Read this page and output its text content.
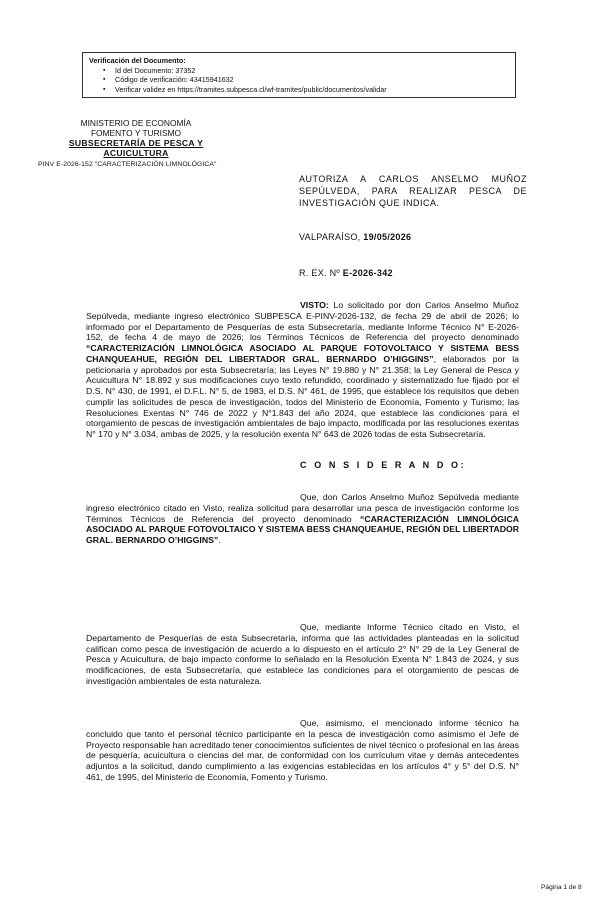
Verificación del Documento:
▪ Id del Documento: 37352
▪ Código de verificación: 43415941632
▪ Verificar validez en https://tramites.subpesca.cl/wf-tramites/public/documentos/validar
MINISTERIO DE ECONOMÍA
FOMENTO Y TURISMO
SUBSECRETARÍA DE PESCA Y
ACUICULTURA
PINV E-2026-152 "CARACTERIZACIÓN LIMNOLÓGICA"
AUTORIZA A CARLOS ANSELMO MUÑOZ SEPÚLVEDA, PARA REALIZAR PESCA DE INVESTIGACIÓN QUE INDICA.
VALPARAÍSO, 19/05/2026
R. EX. Nº E-2026-342
VISTO: Lo solicitado por don Carlos Anselmo Muñoz Sepúlveda, mediante ingreso electrónico SUBPESCA E-PINV-2026-132, de fecha 29 de abril de 2026; lo informado por el Departamento de Pesquerías de esta Subsecretaría, mediante Informe Técnico N° E-2026-152, de fecha 4 de mayo de 2026; los Términos Técnicos de Referencia del proyecto denominado “CARACTERIZACIÓN LIMNOLÓGICA ASOCIADO AL PARQUE FOTOVOLTAICO Y SISTEMA BESS CHANQUEAHUE, REGIÓN DEL LIBERTADOR GRAL. BERNARDO O’HIGGINS”, elaborados por la peticionaria y aprobados por esta Subsecretaría; las Leyes N° 19.880 y N° 21.358; la Ley General de Pesca y Acuicultura N° 18.892 y sus modificaciones cuyo texto refundido, coordinado y sistematizado fue fijado por el D.S. N° 430, de 1991, el D.F.L. N° 5, de 1983, el D.S. N° 461, de 1995, que establece los requisitos que deben cumplir las solicitudes de pesca de investigación, todos del Ministerio de Economía, Fomento y Turismo; las Resoluciones Exentas N° 746 de 2022 y N°1.843 del año 2024, que establece las condiciones para el otorgamiento de pescas de investigación ambientales de bajo impacto, modificada por las resoluciones exentas N° 170 y N° 3.034, ambas de 2025, y la resolución exenta N° 643 de 2026 todas de esta Subsecretaría.
C O N S I D E R A N D O:
Que, don Carlos Anselmo Muñoz Sepúlveda mediante ingreso electrónico citado en Visto, realiza solicitud para desarrollar una pesca de investigación conforme los Términos Técnicos de Referencia del proyecto denominado “CARACTERIZACIÓN LIMNOLÓGICA ASOCIADO AL PARQUE FOTOVOLTAICO Y SISTEMA BESS CHANQUEAHUE, REGIÓN DEL LIBERTADOR GRAL. BERNARDO O’HIGGINS”.
Que, mediante Informe Técnico citado en Visto, el Departamento de Pesquerías de esta Subsecretaría, informa que las actividades planteadas en la solicitud califican como pesca de investigación de acuerdo a lo dispuesto en el artículo 2° N° 29 de la Ley General de Pesca y Acuicultura, de bajo impacto conforme lo señalado en la Resolución Exenta N° 1.843 de 2024, y sus modificaciones, de esta Subsecretaría, que establece las condiciones para el otorgamiento de pescas de investigación ambientales de esta naturaleza.
Que, asimismo, el mencionado informe técnico ha concluido que tanto el personal técnico participante en la pesca de investigación como asimismo el Jefe de Proyecto responsable han acreditado tener conocimientos suficientes de nivel técnico o profesional en las áreas de pesquería, acuicultura o ciencias del mar, de conformidad con los currículum vitae y demás antecedentes adjuntos a la solicitud, dando cumplimiento a las exigencias establecidas en los artículos 4° y 5° del D.S. N° 461, de 1995, del Ministerio de Economía, Fomento y Turismo.
Página 1 de 8
